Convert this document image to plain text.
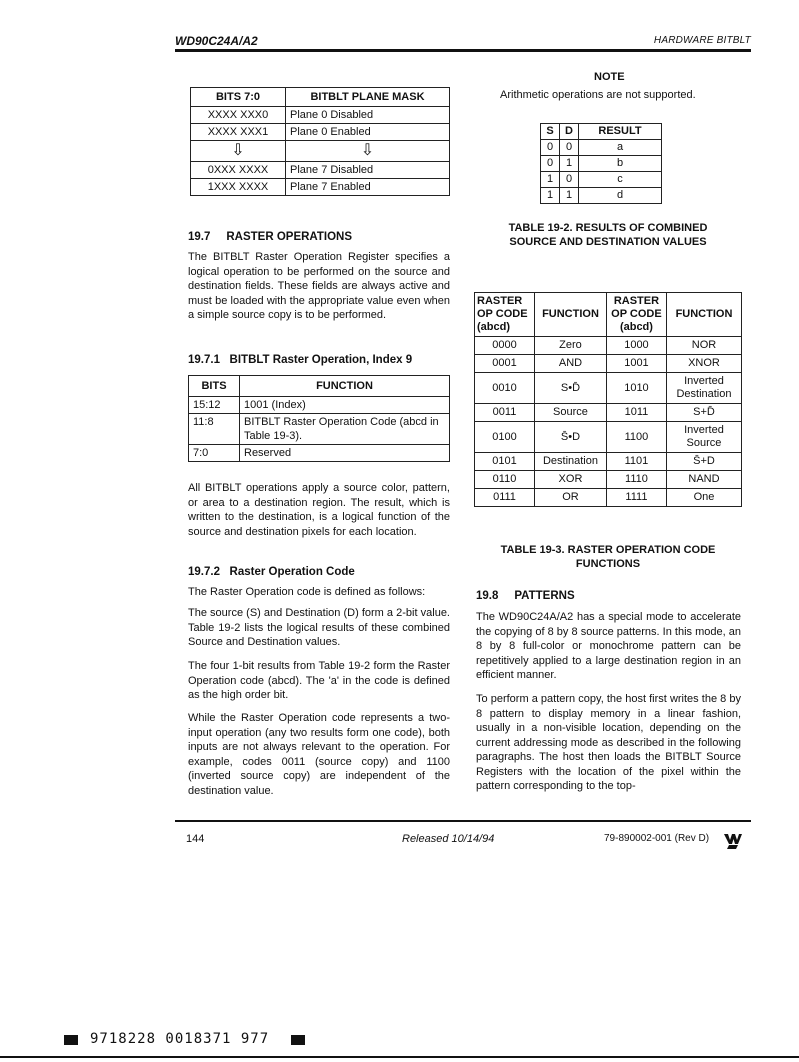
WD90C24A/A2	HARDWARE BITBLT
BITS 7:0	BITBLT PLANE MASK
XXXX XXX0	Plane 0 Disabled
XXXX XXX1	Plane 0 Enabled
⇩	⇩
0XXX XXXX	Plane 7 Disabled
1XXX XXXX	Plane 7 Enabled
19.7     RASTER OPERATIONS
The BITBLT Raster Operation Register specifies a logical operation to be performed on the source and destination fields. These fields are always active and must be loaded with the appropriate value even when a simple source copy is to be performed.
19.7.1   BITBLT Raster Operation, Index 9
BITS	FUNCTION
15:12	1001 (Index)
11:8	BITBLT Raster Operation Code (abcd in Table 19-3).
7:0	Reserved
All BITBLT operations apply a source color, pattern, or area to a destination region. The result, which is written to the destination, is a logical function of the source and destination pixels for each location.
19.7.2   Raster Operation Code
The Raster Operation code is defined as follows:
The source (S) and Destination (D) form a 2-bit value. Table 19-2 lists the logical results of these combined Source and Destination values.
The four 1-bit results from Table 19-2 form the Raster Operation code (abcd). The 'a' in the code is defined as the high order bit.
While the Raster Operation code represents a two-input operation (any two results form one code), both inputs are not always relevant to the operation. For example, codes 0011 (source copy) and 1100 (inverted source copy) are independent of the destination value.
NOTE
Arithmetic operations are not supported.
S	D	RESULT
0	0	a
0	1	b
1	0	c
1	1	d
TABLE 19-2. RESULTS OF COMBINED
SOURCE AND DESTINATION VALUES
RASTER OP CODE (abcd)	FUNCTION	RASTER OP CODE (abcd)	FUNCTION
0000	Zero	1000	NOR
0001	AND	1001	XNOR
0010	S•D̄	1010	Inverted Destination
0011	Source	1011	S+D̄
0100	S̄•D	1100	Inverted Source
0101	Destination	1101	S̄+D
0110	XOR	1110	NAND
0111	OR	1111	One
TABLE 19-3. RASTER OPERATION CODE
FUNCTIONS
19.8     PATTERNS
The WD90C24A/A2 has a special mode to accelerate the copying of 8 by 8 source patterns. In this mode, an 8 by 8 full-color or monochrome pattern can be repetitively applied to a large destination region in an efficient manner.
To perform a pattern copy, the host first writes the 8 by 8 pattern to display memory in a linear fashion, usually in a non-visible location, depending on the current addressing mode as described in the following paragraphs. The host then loads the BITBLT Source Registers with the location of the pixel within the pattern corresponding to the top-
144	Released 10/14/94	79-890002-001 (Rev D)
9718228 0018371 977
